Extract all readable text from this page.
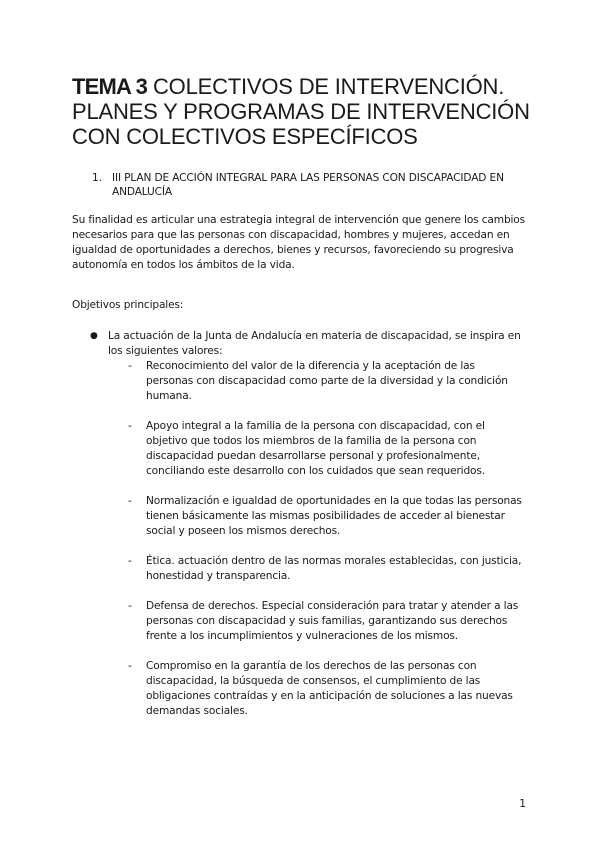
TEMA 3 COLECTIVOS DE INTERVENCIÓN. PLANES Y PROGRAMAS DE INTERVENCIÓN CON COLECTIVOS ESPECÍFICOS
1. III PLAN DE ACCIÓN INTEGRAL PARA LAS PERSONAS CON DISCAPACIDAD EN ANDALUCÍA

Su finalidad es articular una estrategia integral de intervención que genere los cambios necesarios para que las personas con discapacidad, hombres y mujeres, accedan en igualdad de oportunidades a derechos, bienes y recursos, favoreciendo su progresiva autonomía en todos los ámbitos de la vida.

Objetivos principales:

● La actuación de la Junta de Andalucía en materia de discapacidad, se inspira en los siguientes valores:
-	Reconocimiento del valor de la diferencia y la aceptación de las personas con discapacidad como parte de la diversidad y la condición humana.
-	Apoyo integral a la familia de la persona con discapacidad, con el objetivo que todos los miembros de la familia de la persona con discapacidad puedan desarrollarse personal y profesionalmente, conciliando este desarrollo con los cuidados que sean requeridos.
-	Normalización e igualdad de oportunidades en la que todas las personas tienen básicamente las mismas posibilidades de acceder al bienestar social y poseen los mismos derechos.
-	Ética. actuación dentro de las normas morales establecidas, con justicia, honestidad y transparencia.
-	Defensa de derechos. Especial consideración para tratar y atender a las personas con discapacidad y suis familias, garantizando sus derechos frente a los incumplimientos y vulneraciones de los mismos.
-	Compromiso en la garantía de los derechos de las personas con discapacidad, la búsqueda de consensos, el cumplimiento de las obligaciones contraídas y en la anticipación de soluciones a las nuevas demandas sociales.
1
